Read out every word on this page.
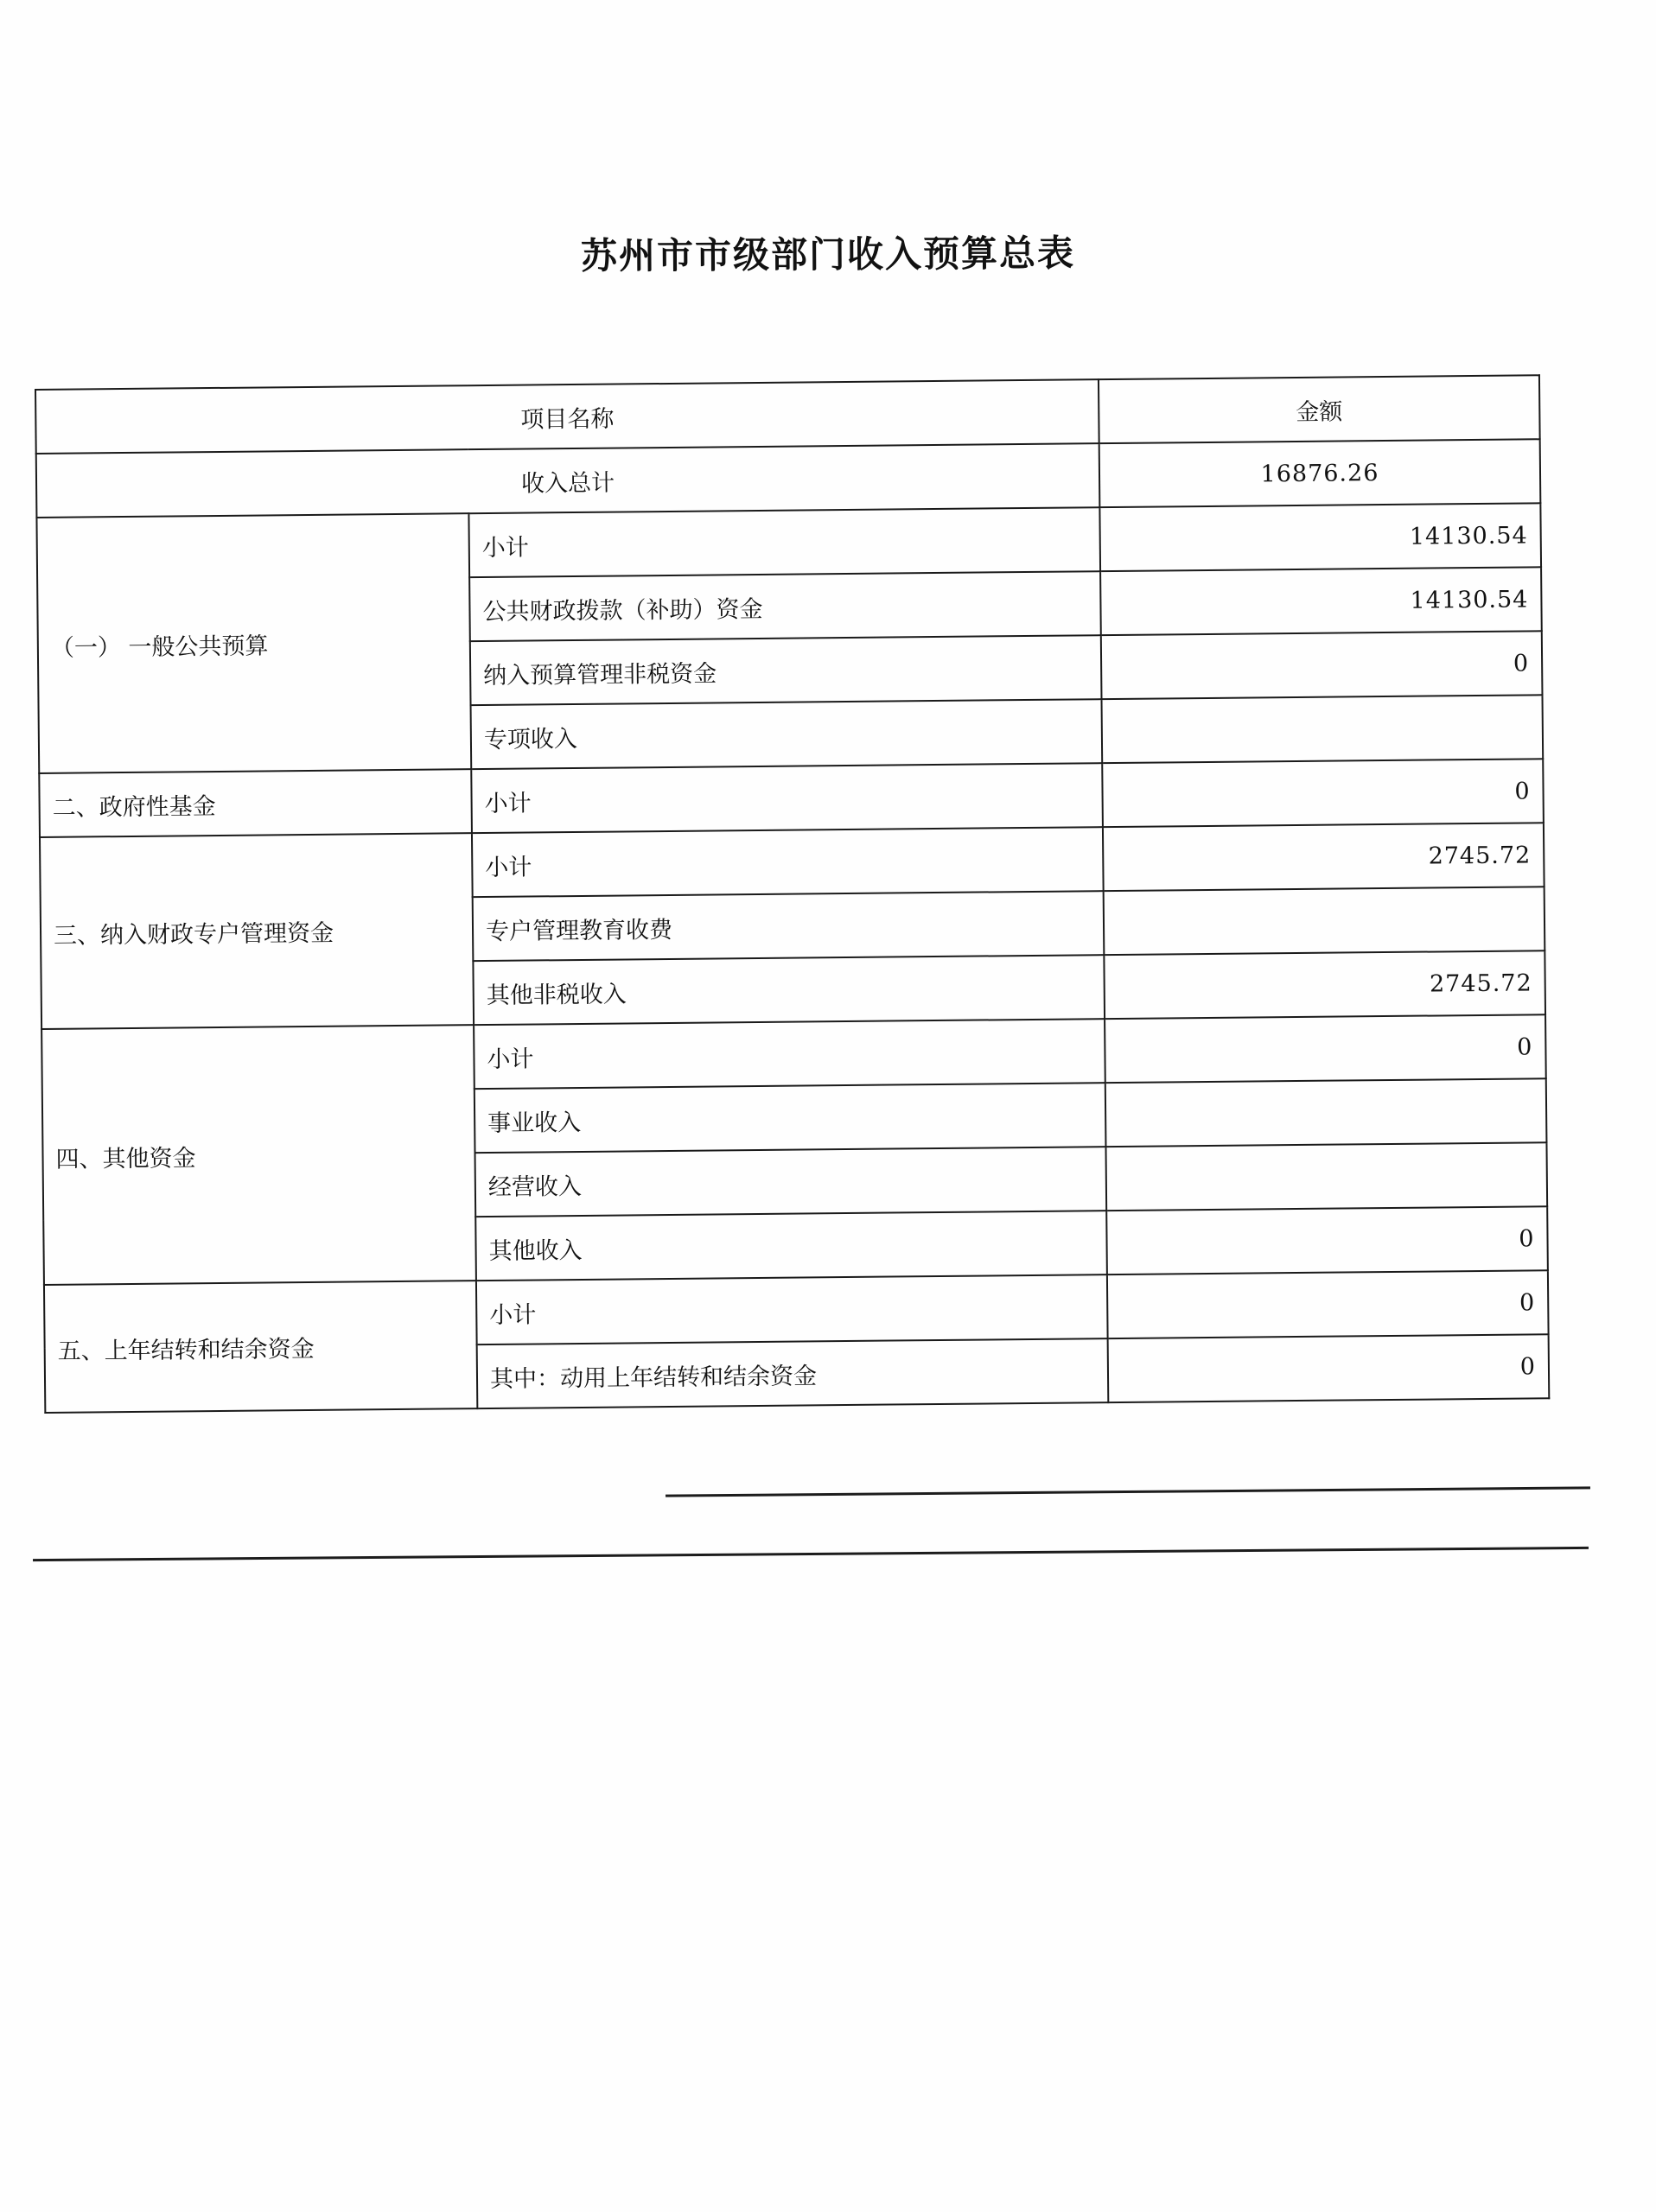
苏州市市级部门收入预算总表
项目名称		金额
收入总计		16876.26
（一） 一般公共预算	小计	14130.54
	公共财政拨款（补助）资金	14130.54
	纳入预算管理非税资金	0
	专项收入	
二、政府性基金	小计	0
三、纳入财政专户管理资金	小计	2745.72
	专户管理教育收费	
	其他非税收入	2745.72
四、其他资金	小计	0
	事业收入	
	经营收入	
	其他收入	0
五、上年结转和结余资金	小计	0
	其中：动用上年结转和结余资金	0
